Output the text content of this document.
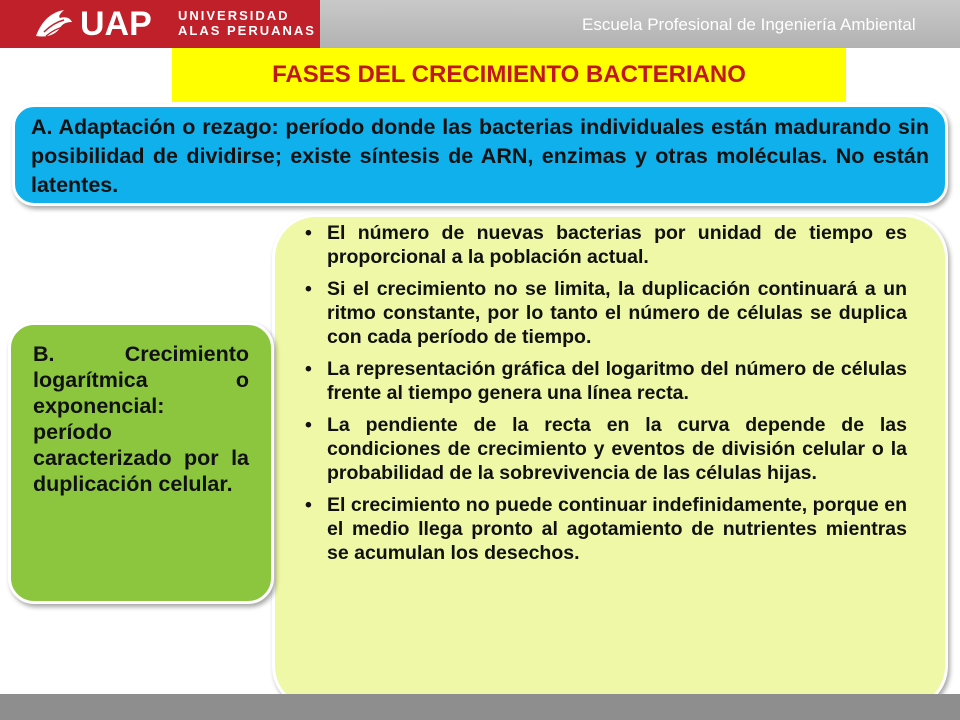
UAP UNIVERSIDAD
ALAS PERUANAS	Escuela Profesional de Ingeniería Ambiental
FASES DEL CRECIMIENTO BACTERIANO
A. Adaptación o rezago: período donde las bacterias individuales están madurando sin posibilidad de dividirse; existe síntesis de ARN, enzimas y otras moléculas. No están latentes.
• El número de nuevas bacterias por unidad de tiempo es proporcional a la población actual.
• Si el crecimiento no se limita, la duplicación continuará a un ritmo constante, por lo tanto el número de células se duplica con cada período de tiempo.
• La representación gráfica del logaritmo del número de células frente al tiempo genera una línea recta.
• La pendiente de la recta en la curva depende de las condiciones de crecimiento y eventos de división celular o la probabilidad de la sobrevivencia de las células hijas.
• El crecimiento no puede continuar indefinidamente, porque en el medio llega pronto al agotamiento de nutrientes mientras se acumulan los desechos.
B. Crecimiento logarítmica o exponencial: período caracterizado por la duplicación celular.
